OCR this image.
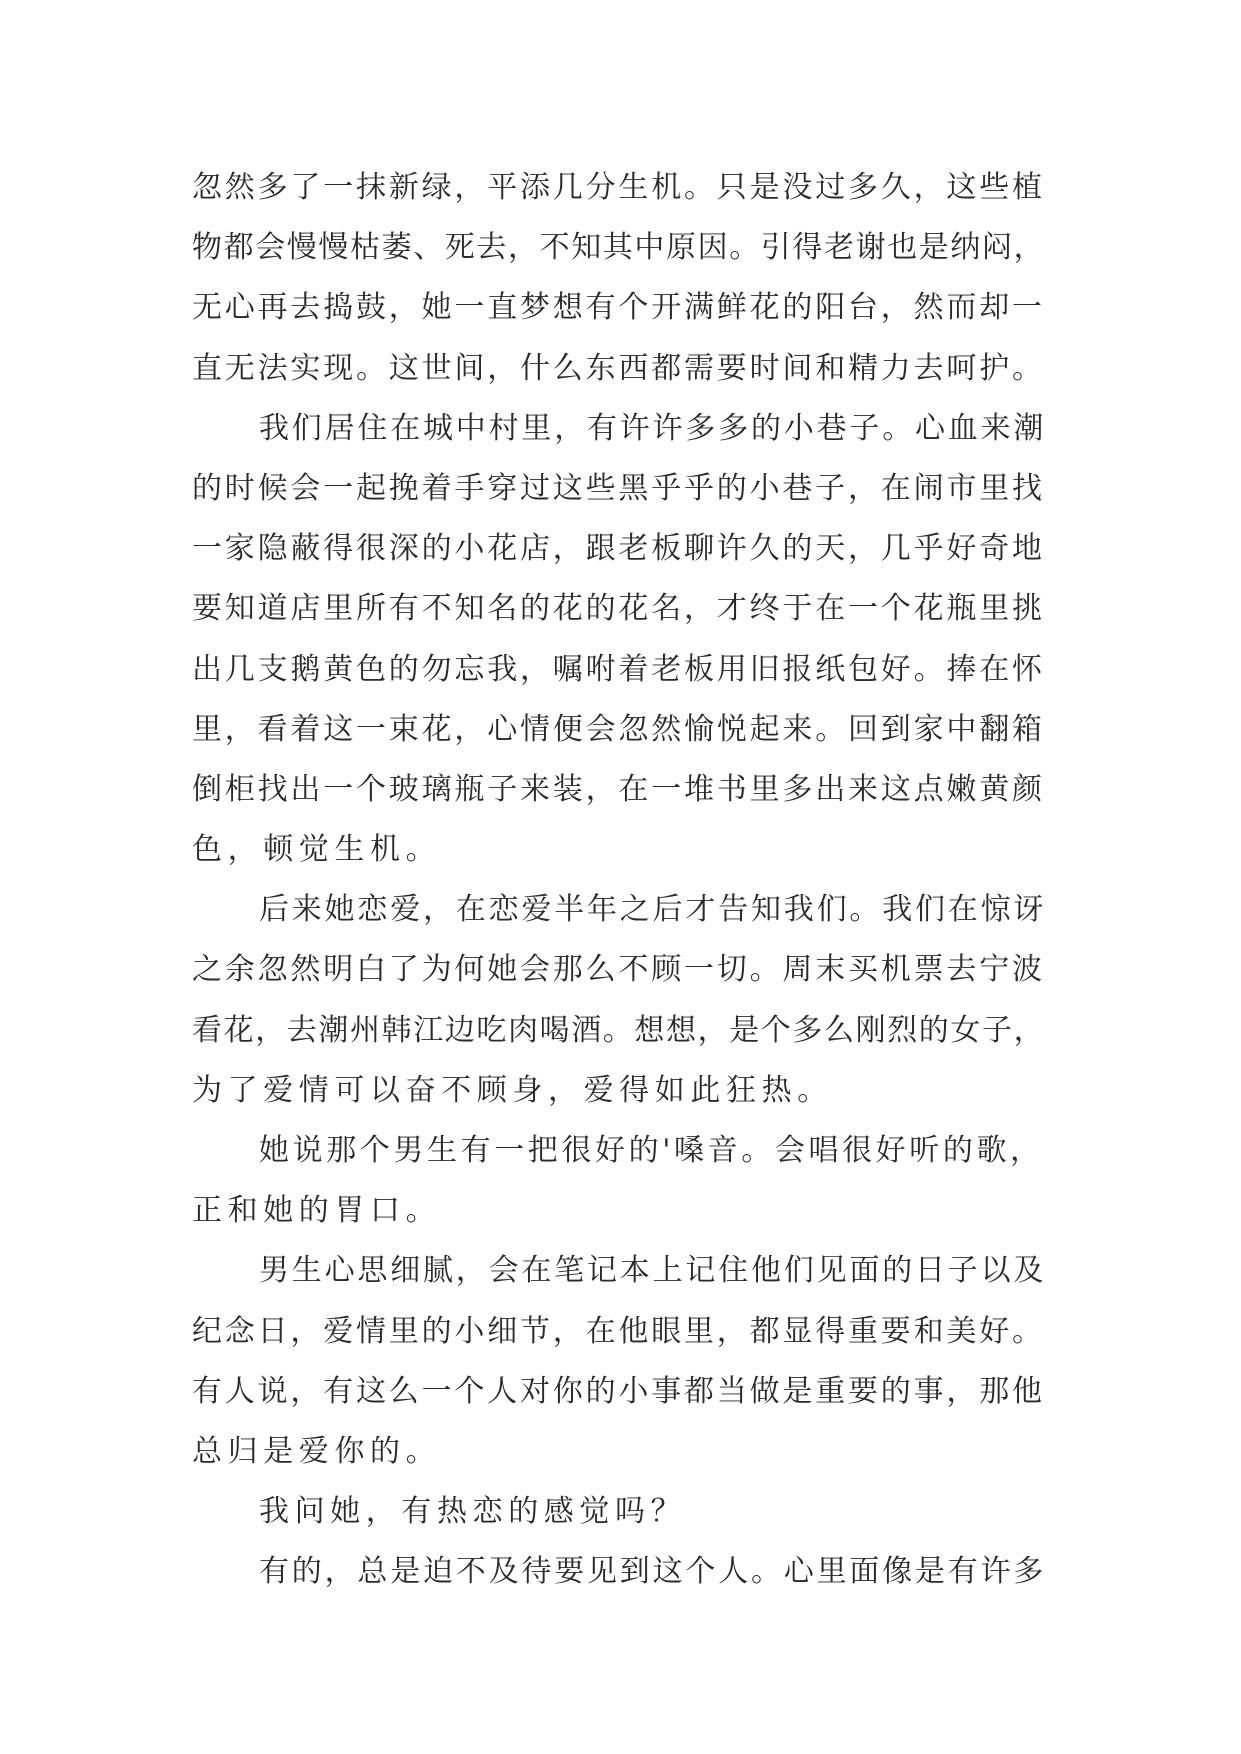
忽然多了一抹新绿，平添几分生机。只是没过多久，这些植
物都会慢慢枯萎、死去，不知其中原因。引得老谢也是纳闷，
无心再去捣鼓，她一直梦想有个开满鲜花的阳台，然而却一
直无法实现。这世间，什么东西都需要时间和精力去呵护。
我们居住在城中村里，有许许多多的小巷子。心血来潮
的时候会一起挽着手穿过这些黑乎乎的小巷子，在闹市里找
一家隐蔽得很深的小花店，跟老板聊许久的天，几乎好奇地
要知道店里所有不知名的花的花名，才终于在一个花瓶里挑
出几支鹅黄色的勿忘我，嘱咐着老板用旧报纸包好。捧在怀
里，看着这一束花，心情便会忽然愉悦起来。回到家中翻箱
倒柜找出一个玻璃瓶子来装，在一堆书里多出来这点嫩黄颜
色，顿觉生机。
后来她恋爱，在恋爱半年之后才告知我们。我们在惊讶
之余忽然明白了为何她会那么不顾一切。周末买机票去宁波
看花，去潮州韩江边吃肉喝酒。想想，是个多么刚烈的女子，
为了爱情可以奋不顾身，爱得如此狂热。
她说那个男生有一把很好的'嗓音。会唱很好听的歌，
正和她的胃口。
男生心思细腻，会在笔记本上记住他们见面的日子以及
纪念日，爱情里的小细节，在他眼里，都显得重要和美好。
有人说，有这么一个人对你的小事都当做是重要的事，那他
总归是爱你的。
我问她，有热恋的感觉吗？
有的，总是迫不及待要见到这个人。心里面像是有许多
